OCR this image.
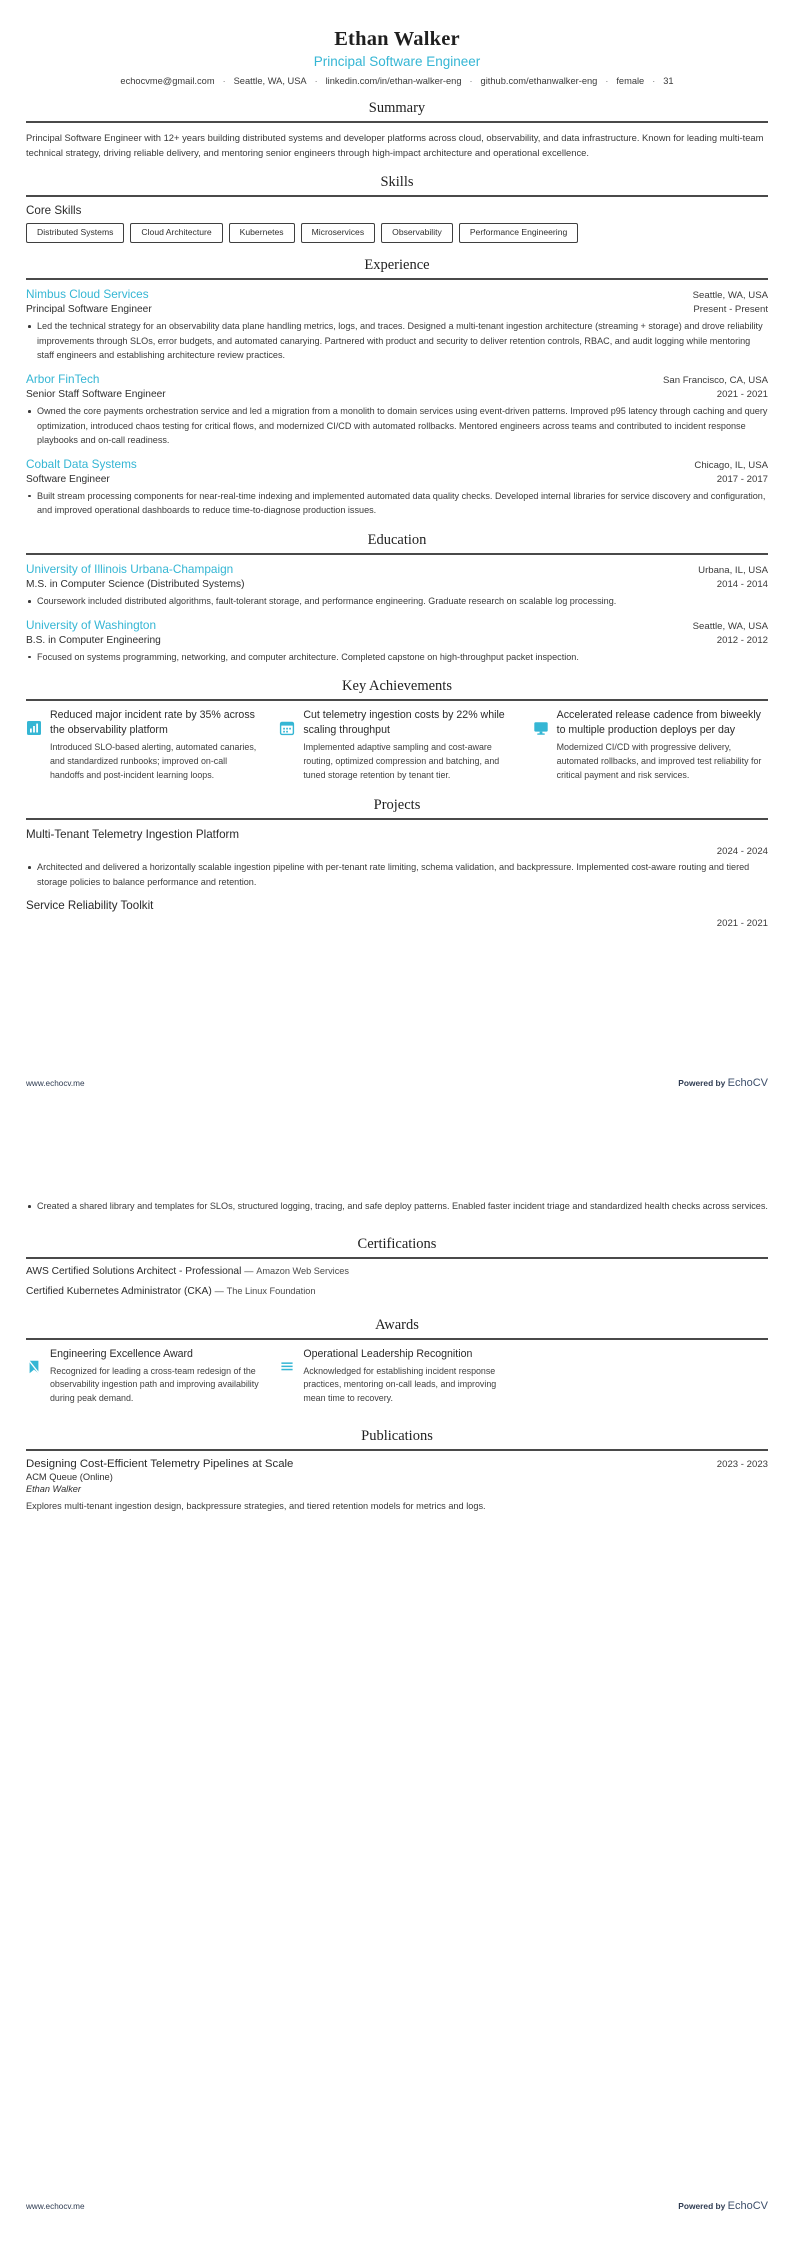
Ethan Walker
Principal Software Engineer
echocvme@gmail.com · Seattle, WA, USA · linkedin.com/in/ethan-walker-eng · github.com/ethanwalker-eng · female · 31
Summary
Principal Software Engineer with 12+ years building distributed systems and developer platforms across cloud, observability, and data infrastructure. Known for leading multi-team technical strategy, driving reliable delivery, and mentoring senior engineers through high-impact architecture and operational excellence.
Skills
Core Skills
Distributed Systems	Cloud Architecture	Kubernetes	Microservices	Observability	Performance Engineering
Experience
Nimbus Cloud Services	Seattle, WA, USA
Principal Software Engineer	Present - Present
Led the technical strategy for an observability data plane handling metrics, logs, and traces. Designed a multi-tenant ingestion architecture (streaming + storage) and drove reliability improvements through SLOs, error budgets, and automated canarying. Partnered with product and security to deliver retention controls, RBAC, and audit logging while mentoring staff engineers and establishing architecture review practices.
Arbor FinTech	San Francisco, CA, USA
Senior Staff Software Engineer	2021 - 2021
Owned the core payments orchestration service and led a migration from a monolith to domain services using event-driven patterns. Improved p95 latency through caching and query optimization, introduced chaos testing for critical flows, and modernized CI/CD with automated rollbacks. Mentored engineers across teams and contributed to incident response playbooks and on-call readiness.
Cobalt Data Systems	Chicago, IL, USA
Software Engineer	2017 - 2017
Built stream processing components for near-real-time indexing and implemented automated data quality checks. Developed internal libraries for service discovery and configuration, and improved operational dashboards to reduce time-to-diagnose production issues.
Education
University of Illinois Urbana-Champaign	Urbana, IL, USA
M.S. in Computer Science (Distributed Systems)	2014 - 2014
Coursework included distributed algorithms, fault-tolerant storage, and performance engineering. Graduate research on scalable log processing.
University of Washington	Seattle, WA, USA
B.S. in Computer Engineering	2012 - 2012
Focused on systems programming, networking, and computer architecture. Completed capstone on high-throughput packet inspection.
Key Achievements
Reduced major incident rate by 35% across the observability platform
Introduced SLO-based alerting, automated canaries, and standardized runbooks; improved on-call handoffs and post-incident learning loops.
Cut telemetry ingestion costs by 22% while scaling throughput
Implemented adaptive sampling and cost-aware routing, optimized compression and batching, and tuned storage retention by tenant tier.
Accelerated release cadence from biweekly to multiple production deploys per day
Modernized CI/CD with progressive delivery, automated rollbacks, and improved test reliability for critical payment and risk services.
Projects
Multi-Tenant Telemetry Ingestion Platform
2024 - 2024
Architected and delivered a horizontally scalable ingestion pipeline with per-tenant rate limiting, schema validation, and backpressure. Implemented cost-aware routing and tiered storage policies to balance performance and retention.
Service Reliability Toolkit
2021 - 2021
www.echocv.me	Powered by EchoCV
Created a shared library and templates for SLOs, structured logging, tracing, and safe deploy patterns. Enabled faster incident triage and standardized health checks across services.
Certifications
AWS Certified Solutions Architect - Professional — Amazon Web Services
Certified Kubernetes Administrator (CKA) — The Linux Foundation
Awards
Engineering Excellence Award
Recognized for leading a cross-team redesign of the observability ingestion path and improving availability during peak demand.
Operational Leadership Recognition
Acknowledged for establishing incident response practices, mentoring on-call leads, and improving mean time to recovery.
Publications
Designing Cost-Efficient Telemetry Pipelines at Scale	2023 - 2023
ACM Queue (Online)
Ethan Walker
Explores multi-tenant ingestion design, backpressure strategies, and tiered retention models for metrics and logs.
www.echocv.me	Powered by EchoCV
